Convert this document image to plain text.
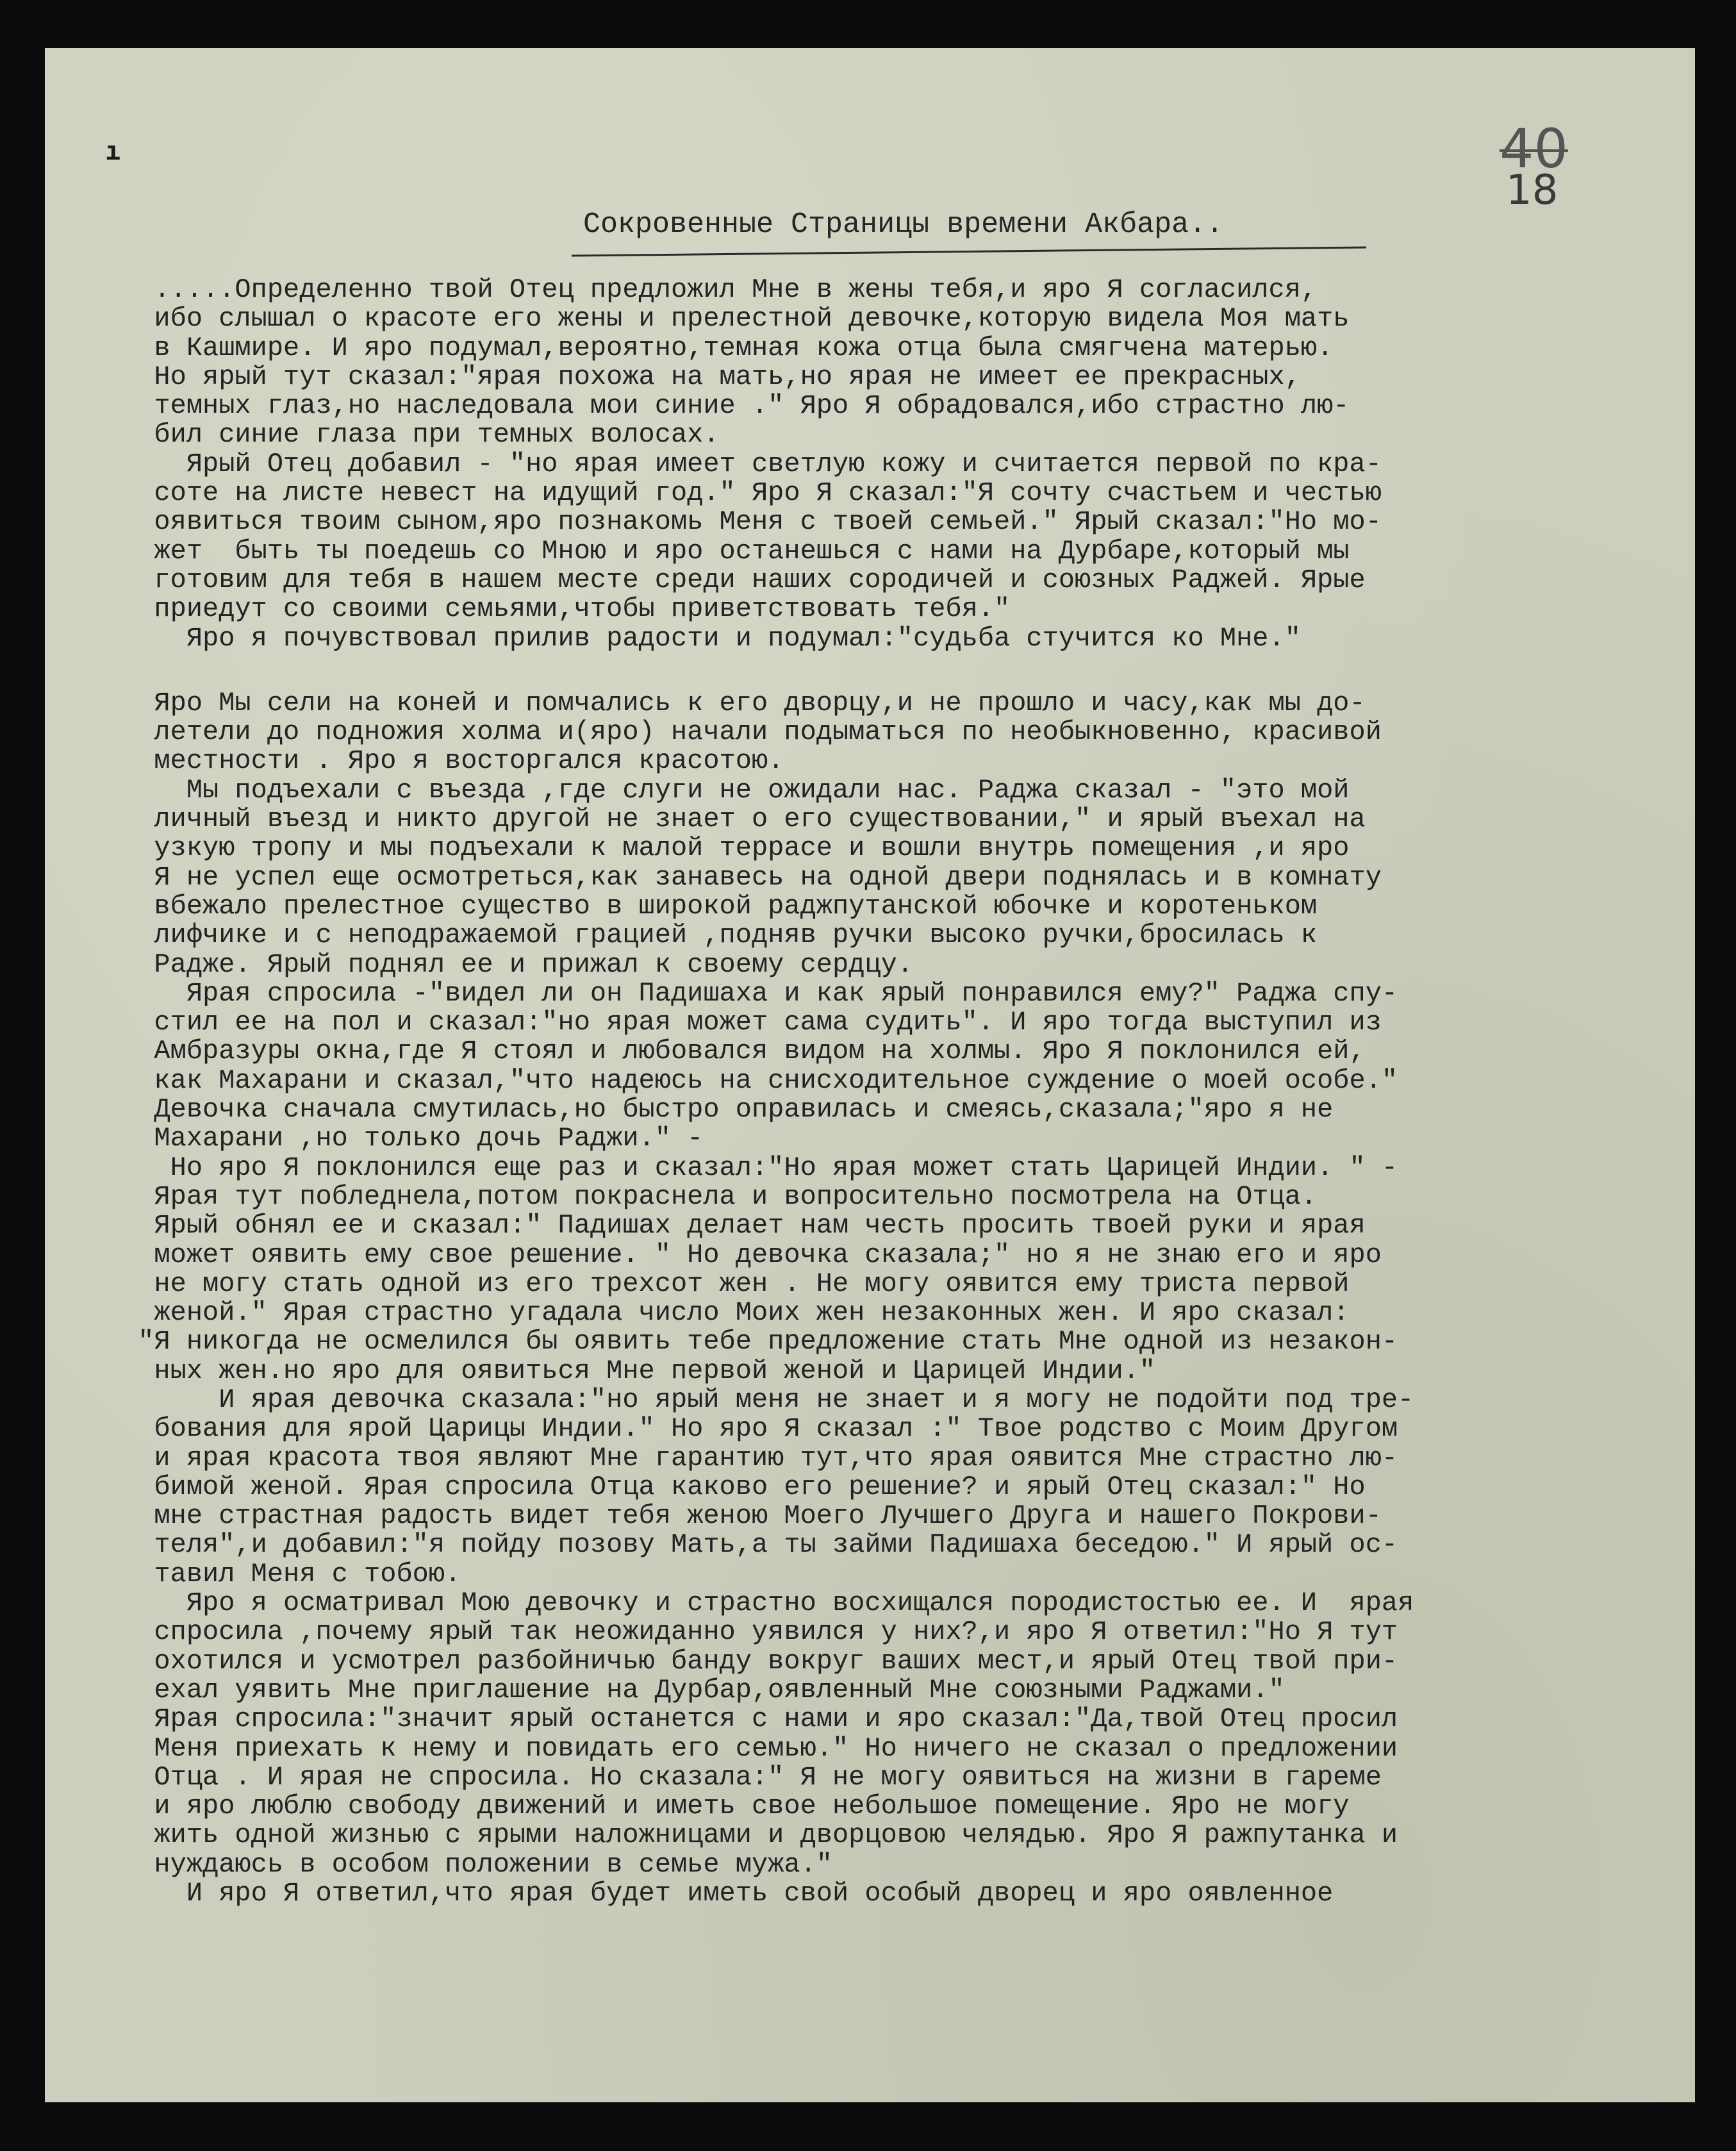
ı	40
18
Сокровенные Страницы времени Акбара..
.....Определенно твой Отец предложил Мне в жены тебя,и яро Я согласился,
ибо слышал о красоте его жены и прелестной девочке,которую видела Моя мать
в Кашмире. И яро подумал,вероятно,темная кожа отца была смягчена матерью.
Но ярый тут сказал:"ярая похожа на мать,но ярая не имеет ее прекрасных,
темных глаз,но наследовала мои синие ." Яро Я обрадовался,ибо страстно лю-
бил синие глаза при темных волосах.
Ярый Отец добавил - "но ярая имеет светлую кожу и считается первой по кра-
соте на листе невест на идущий год." Яро Я сказал:"Я сочту счастьем и честью
оявиться твоим сыном,яро познакомь Меня с твоей семьей." Ярый сказал:"Но мо-
жет  быть ты поедешь со Мною и яро останешься с нами на Дурбаре,который мы
готовим для тебя в нашем месте среди наших сородичей и союзных Раджей. Ярые
приедут со своими семьями,чтобы приветствовать тебя."
Яро я почувствовал прилив радости и подумал:"судьба стучится ко Мне."
Яро Мы сели на коней и помчались к его дворцу,и не прошло и часу,как мы до-
летели до подножия холма и(яро) начали подыматься по необыкновенно, красивой
местности . Яро я восторгался красотою.
Мы подъехали с въезда ,где слуги не ожидали нас. Раджа сказал - "это мой
личный въезд и никто другой не знает о его существовании," и ярый въехал на
узкую тропу и мы подъехали к малой террасе и вошли внутрь помещения ,и яро
Я не успел еще осмотреться,как занавесь на одной двери поднялась и в комнату
вбежало прелестное существо в широкой раджпутанской юбочке и коротеньком
лифчике и с неподражаемой грацией ,подняв ручки высоко ручки,бросилась к
Радже. Ярый поднял ее и прижал к своему сердцу.
Ярая спросила -"видел ли он Падишаха и как ярый понравился ему?" Раджа спу-
стил ее на пол и сказал:"но ярая может сама судить". И яро тогда выступил из
Амбразуры окна,где Я стоял и любовался видом на холмы. Яро Я поклонился ей,
как Махарани и сказал,"что надеюсь на снисходительное суждение о моей особе."
Девочка сначала смутилась,но быстро оправилась и смеясь,сказала;"яро я не
Махарани ,но только дочь Раджи." -
Но яро Я поклонился еще раз и сказал:"Но ярая может стать Царицей Индии. " -
Ярая тут побледнела,потом покраснела и вопросительно посмотрела на Отца.
Ярый обнял ее и сказал:" Падишах делает нам честь просить твоей руки и ярая
может оявить ему свое решение. " Но девочка сказала;" но я не знаю его и яро
не могу стать одной из его трехсот жен . Не могу оявится ему триста первой
женой." Ярая страстно угадала число Моих жен незаконных жен. И яро сказал:
"Я никогда не осмелился бы оявить тебе предложение стать Мне одной из незакон-
ных жен.но яро для оявиться Мне первой женой и Царицей Индии."
И ярая девочка сказала:"но ярый меня не знает и я могу не подойти под тре-
бования для ярой Царицы Индии." Но яро Я сказал :" Твое родство с Моим Другом
и ярая красота твоя являют Мне гарантию тут,что ярая оявится Мне страстно лю-
бимой женой. Ярая спросила Отца каково его решение? и ярый Отец сказал:" Но
мне страстная радость видет тебя женою Моего Лучшего Друга и нашего Покрови-
теля",и добавил:"я пойду позову Мать,а ты займи Падишаха беседою." И ярый ос-
тавил Меня с тобою.
Яро я осматривал Мою девочку и страстно восхищался породистостью ее. И  ярая
спросила ,почему ярый так неожиданно уявился у них?,и яро Я ответил:"Но Я тут
охотился и усмотрел разбойничью банду вокруг ваших мест,и ярый Отец твой при-
ехал уявить Мне приглашение на Дурбар,оявленный Мне союзными Раджами."
Ярая спросила:"значит ярый останется с нами и яро сказал:"Да,твой Отец просил
Меня приехать к нему и повидать его семью." Но ничего не сказал о предложении
Отца . И ярая не спросила. Но сказала:" Я не могу оявиться на жизни в гареме
и яро люблю свободу движений и иметь свое небольшое помещение. Яро не могу
жить одной жизнью с ярыми наложницами и дворцовою челядью. Яро Я ражпутанка и
нуждаюсь в особом положении в семье мужа."
И яро Я ответил,что ярая будет иметь свой особый дворец и яро оявленное
